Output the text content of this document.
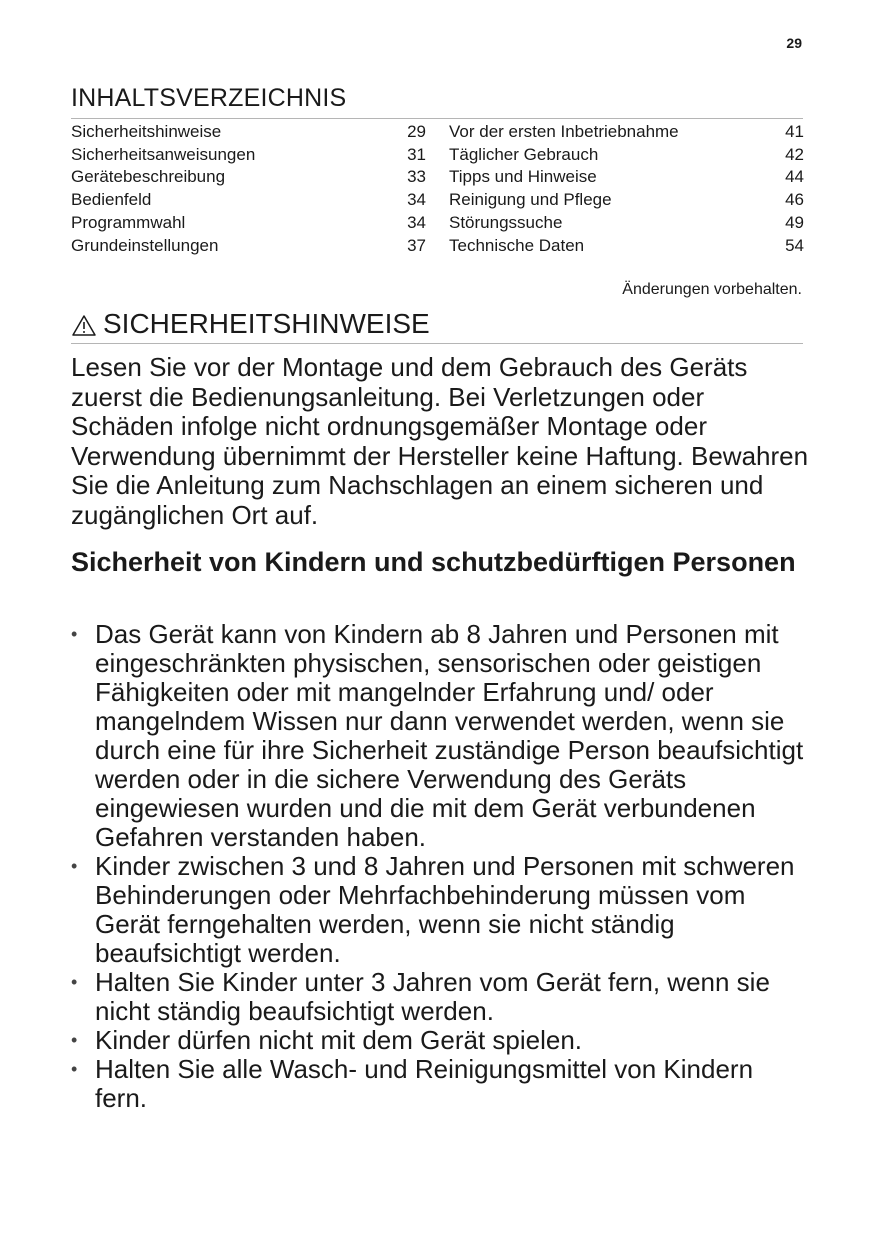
29
INHALTSVERZEICHNIS
Sicherheitshinweise	29
Sicherheitsanweisungen	31
Gerätebeschreibung	33
Bedienfeld	34
Programmwahl	34
Grundeinstellungen	37
Vor der ersten Inbetriebnahme	41
Täglicher Gebrauch	42
Tipps und Hinweise	44
Reinigung und Pflege	46
Störungssuche	49
Technische Daten	54
Änderungen vorbehalten.
SICHERHEITSHINWEISE

Lesen Sie vor der Montage und dem Gebrauch des Geräts zuerst die Bedienungsanleitung. Bei Verletzungen oder Schäden infolge nicht ordnungsgemäßer Montage oder Verwendung übernimmt der Hersteller keine Haftung. Bewahren Sie die Anleitung zum Nachschlagen an einem sicheren und zugänglichen Ort auf.

Sicherheit von Kindern und schutzbedürftigen Personen
• Das Gerät kann von Kindern ab 8 Jahren und Personen mit eingeschränkten physischen, sensorischen oder geistigen Fähigkeiten oder mit mangelnder Erfahrung und/ oder mangelndem Wissen nur dann verwendet werden, wenn sie durch eine für ihre Sicherheit zuständige Person beaufsichtigt werden oder in die sichere Verwendung des Geräts eingewiesen wurden und die mit dem Gerät verbundenen Gefahren verstanden haben.
• Kinder zwischen 3 und 8 Jahren und Personen mit schweren Behinderungen oder Mehrfachbehinderung müssen vom Gerät ferngehalten werden, wenn sie nicht ständig beaufsichtigt werden.
• Halten Sie Kinder unter 3 Jahren vom Gerät fern, wenn sie nicht ständig beaufsichtigt werden.
• Kinder dürfen nicht mit dem Gerät spielen.
• Halten Sie alle Wasch- und Reinigungsmittel von Kindern fern.
